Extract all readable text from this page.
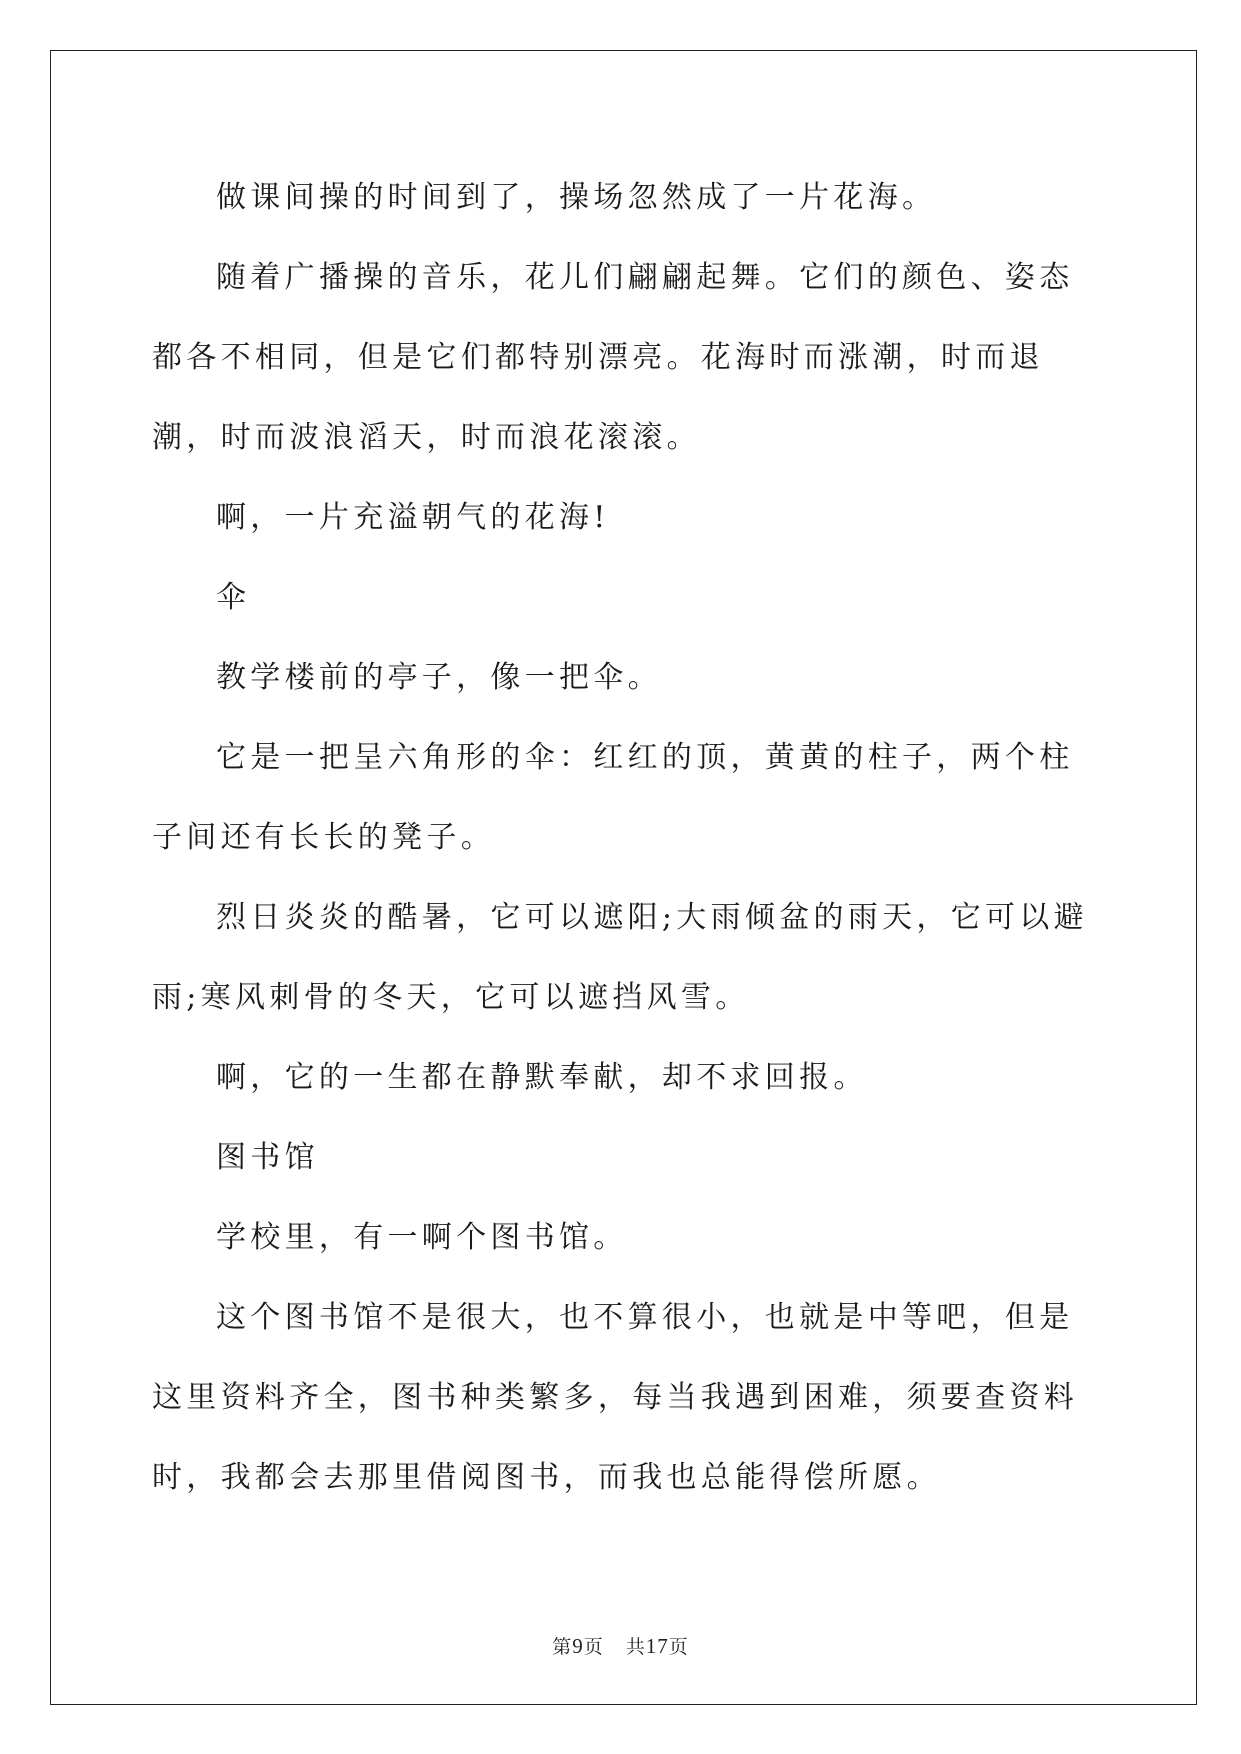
做课间操的时间到了，操场忽然成了一片花海。

随着广播操的音乐，花儿们翩翩起舞。它们的颜色、姿态都各不相同，但是它们都特别漂亮。花海时而涨潮，时而退潮，时而波浪滔天，时而浪花滚滚。

啊，一片充溢朝气的花海!

伞

教学楼前的亭子，像一把伞。

它是一把呈六角形的伞：红红的顶，黄黄的柱子，两个柱子间还有长长的凳子。

烈日炎炎的酷暑，它可以遮阳;大雨倾盆的雨天，它可以避雨;寒风刺骨的冬天，它可以遮挡风雪。

啊，它的一生都在静默奉献，却不求回报。

图书馆

学校里，有一啊个图书馆。

这个图书馆不是很大，也不算很小，也就是中等吧，但是这里资料齐全，图书种类繁多，每当我遇到困难，须要查资料时，我都会去那里借阅图书，而我也总能得偿所愿。

第9页 共17页
